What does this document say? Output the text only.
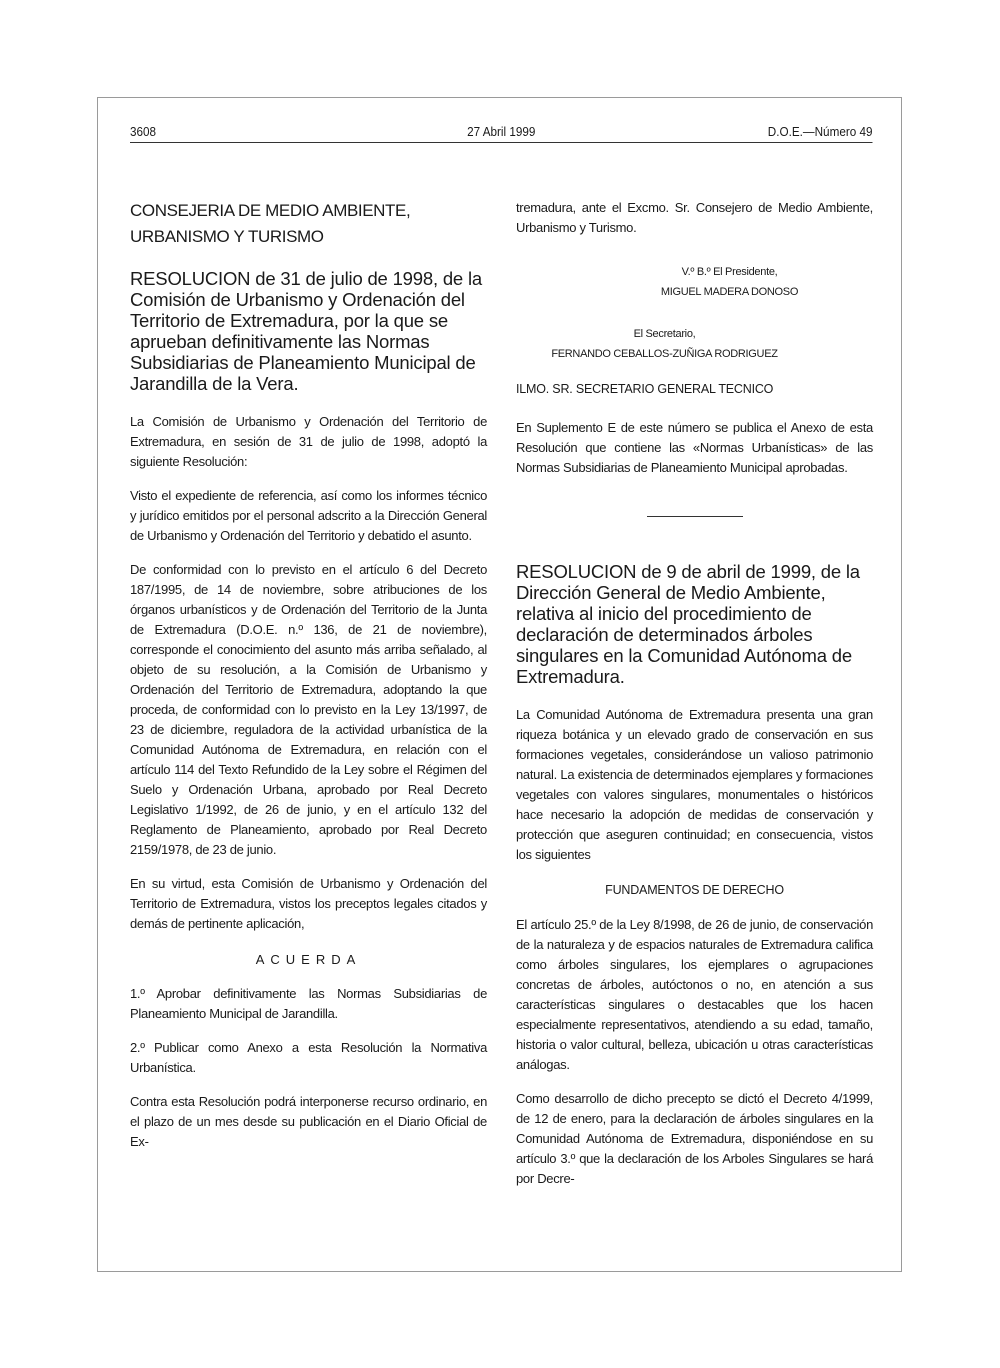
3608	27 Abril 1999	D.O.E.—Número 49
CONSEJERIA DE MEDIO AMBIENTE,
URBANISMO Y TURISMO
RESOLUCION de 31 de julio de 1998, de la Comisión de Urbanismo y Ordenación del Territorio de Extremadura, por la que se aprueban definitivamente las Normas Subsidiarias de Planeamiento Municipal de Jarandilla de la Vera.

La Comisión de Urbanismo y Ordenación del Territorio de Extremadura, en sesión de 31 de julio de 1998, adoptó la siguiente Resolución:

Visto el expediente de referencia, así como los informes técnico y jurídico emitidos por el personal adscrito a la Dirección General de Urbanismo y Ordenación del Territorio y debatido el asunto.

De conformidad con lo previsto en el artículo 6 del Decreto 187/1995, de 14 de noviembre, sobre atribuciones de los órganos urbanísticos y de Ordenación del Territorio de la Junta de Extremadura (D.O.E. n.º 136, de 21 de noviembre), corresponde el conocimiento del asunto más arriba señalado, al objeto de su resolución, a la Comisión de Urbanismo y Ordenación del Territorio de Extremadura, adoptando la que proceda, de conformidad con lo previsto en la Ley 13/1997, de 23 de diciembre, reguladora de la actividad urbanística de la Comunidad Autónoma de Extremadura, en relación con el artículo 114 del Texto Refundido de la Ley sobre el Régimen del Suelo y Ordenación Urbana, aprobado por Real Decreto Legislativo 1/1992, de 26 de junio, y en el artículo 132 del Reglamento de Planeamiento, aprobado por Real Decreto 2159/1978, de 23 de junio.

En su virtud, esta Comisión de Urbanismo y Ordenación del Territorio de Extremadura, vistos los preceptos legales citados y demás de pertinente aplicación,

ACUERDA

1.º Aprobar definitivamente las Normas Subsidiarias de Planeamiento Municipal de Jarandilla.

2.º Publicar como Anexo a esta Resolución la Normativa Urbanística.

Contra esta Resolución podrá interponerse recurso ordinario, en el plazo de un mes desde su publicación en el Diario Oficial de Ex-

tremadura, ante el Excmo. Sr. Consejero de Medio Ambiente, Urbanismo y Turismo.

V.º B.º El Presidente,
MIGUEL MADERA DONOSO
El Secretario,
FERNANDO CEBALLOS-ZUÑIGA RODRIGUEZ
ILMO. SR. SECRETARIO GENERAL TECNICO

En Suplemento E de este número se publica el Anexo de esta Resolución que contiene las «Normas Urbanísticas» de las Normas Subsidiarias de Planeamiento Municipal aprobadas.

RESOLUCION de 9 de abril de 1999, de la Dirección General de Medio Ambiente, relativa al inicio del procedimiento de declaración de determinados árboles singulares en la Comunidad Autónoma de Extremadura.

La Comunidad Autónoma de Extremadura presenta una gran riqueza botánica y un elevado grado de conservación en sus formaciones vegetales, considerándose un valioso patrimonio natural. La existencia de determinados ejemplares y formaciones vegetales con valores singulares, monumentales o históricos hace necesario la adopción de medidas de conservación y protección que aseguren continuidad; en consecuencia, vistos los siguientes

FUNDAMENTOS DE DERECHO

El artículo 25.º de la Ley 8/1998, de 26 de junio, de conservación de la naturaleza y de espacios naturales de Extremadura califica como árboles singulares, los ejemplares o agrupaciones concretas de árboles, autóctonos o no, en atención a sus características singulares o destacables que los hacen especialmente representativos, atendiendo a su edad, tamaño, historia o valor cultural, belleza, ubicación u otras características análogas.

Como desarrollo de dicho precepto se dictó el Decreto 4/1999, de 12 de enero, para la declaración de árboles singulares en la Comunidad Autónoma de Extremadura, disponiéndose en su artículo 3.º que la declaración de los Arboles Singulares se hará por Decre-
